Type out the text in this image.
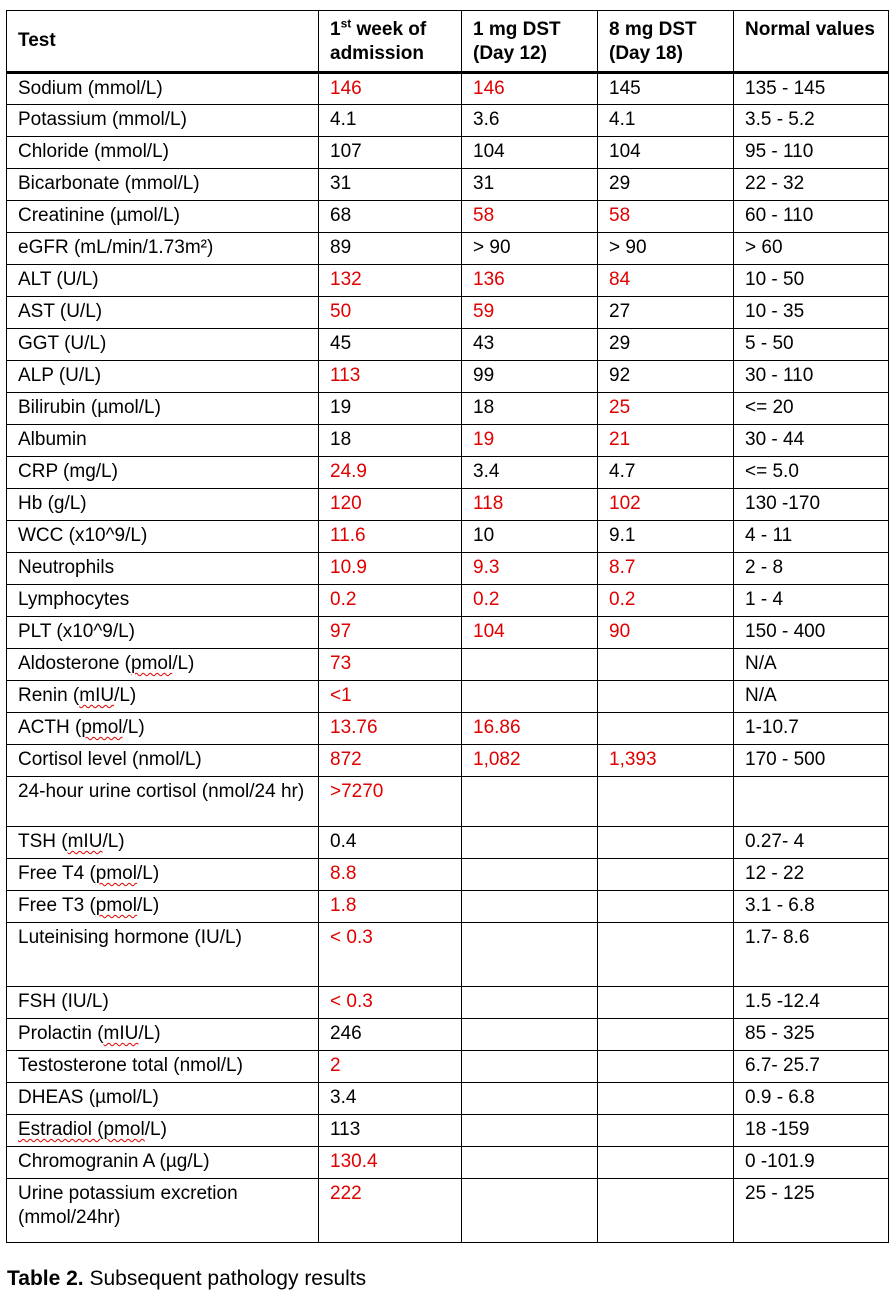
Test	1st week of admission	1 mg DST (Day 12)	8 mg DST (Day 18)	Normal values
Sodium (mmol/L)	146	146	145	135 - 145
Potassium (mmol/L)	4.1	3.6	4.1	3.5 - 5.2
Chloride (mmol/L)	107	104	104	95 - 110
Bicarbonate (mmol/L)	31	31	29	22 - 32
Creatinine (µmol/L)	68	58	58	60 - 110
eGFR (mL/min/1.73m²)	89	> 90	> 90	> 60
ALT (U/L)	132	136	84	10 - 50
AST (U/L)	50	59	27	10 - 35
GGT (U/L)	45	43	29	5 - 50
ALP (U/L)	113	99	92	30 - 110
Bilirubin (µmol/L)	19	18	25	<= 20
Albumin	18	19	21	30 - 44
CRP (mg/L)	24.9	3.4	4.7	<= 5.0
Hb (g/L)	120	118	102	130 -170
WCC (x10^9/L)	11.6	10	9.1	4 - 11
Neutrophils	10.9	9.3	8.7	2 - 8
Lymphocytes	0.2	0.2	0.2	1 - 4
PLT (x10^9/L)	97	104	90	150 - 400
Aldosterone (pmol/L)	73			N/A
Renin (mIU/L)	<1			N/A
ACTH (pmol/L)	13.76	16.86		1-10.7
Cortisol level (nmol/L)	872	1,082	1,393	170 - 500
24-hour urine cortisol (nmol/24 hr)	>7270			
TSH (mIU/L)	0.4			0.27- 4
Free T4 (pmol/L)	8.8			12 - 22
Free T3 (pmol/L)	1.8			3.1 - 6.8
Luteinising hormone (IU/L)	< 0.3			1.7- 8.6
FSH (IU/L)	< 0.3			1.5 -12.4
Prolactin (mIU/L)	246			85 - 325
Testosterone total (nmol/L)	2			6.7- 25.7
DHEAS (µmol/L)	3.4			0.9 - 6.8
Estradiol (pmol/L)	113			18 -159
Chromogranin A (µg/L)	130.4			0 -101.9
Urine potassium excretion (mmol/24hr)	222			25 - 125
Table 2. Subsequent pathology results
